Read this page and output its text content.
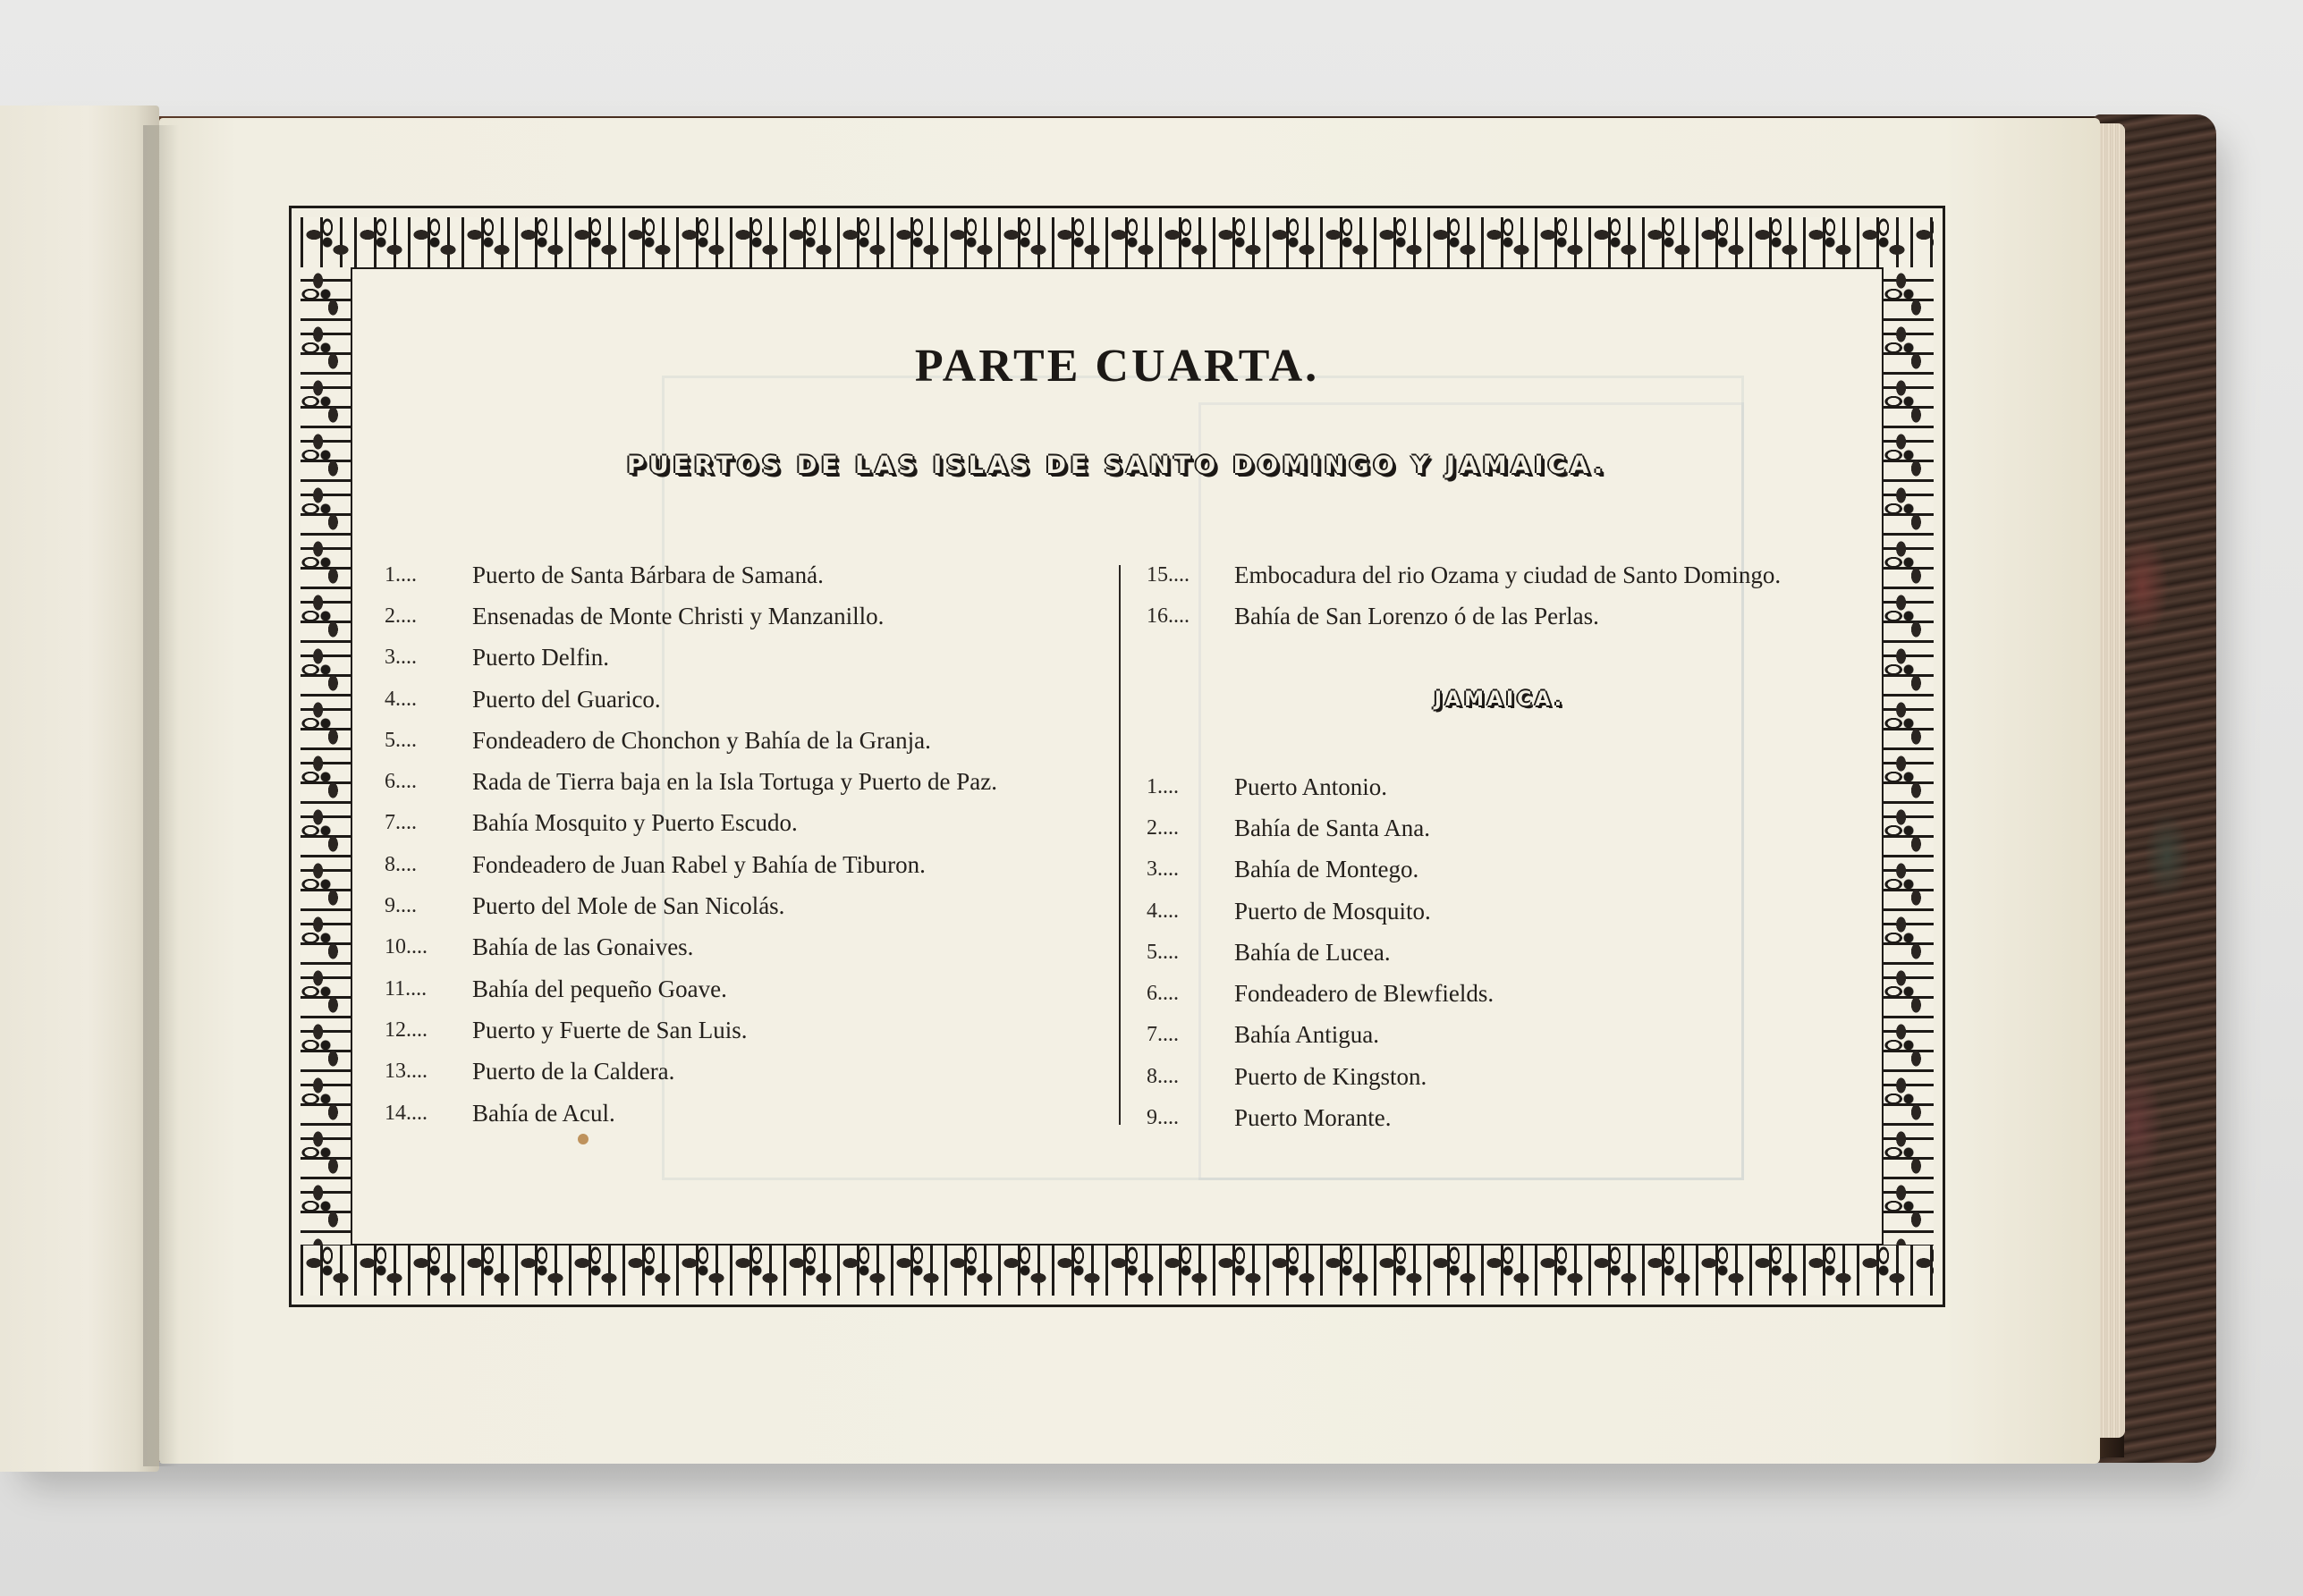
PARTE CUARTA.
PUERTOS DE LAS ISLAS DE SANTO DOMINGO Y JAMAICA.
1....	Puerto de Santa Bárbara de Samaná.
2....	Ensenadas de Monte Christi y Manzanillo.
3....	Puerto Delfin.
4....	Puerto del Guarico.
5....	Fondeadero de Chonchon y Bahía de la Granja.
6....	Rada de Tierra baja en la Isla Tortuga y Puerto de Paz.
7....	Bahía Mosquito y Puerto Escudo.
8....	Fondeadero de Juan Rabel y Bahía de Tiburon.
9....	Puerto del Mole de San Nicolás.
10....	Bahía de las Gonaives.
11....	Bahía del pequeño Goave.
12....	Puerto y Fuerte de San Luis.
13....	Puerto de la Caldera.
14....	Bahía de Acul.
15....	Embocadura del rio Ozama y ciudad de Santo Domingo.
16....	Bahía de San Lorenzo ó de las Perlas.
JAMAICA.
1....	Puerto Antonio.
2....	Bahía de Santa Ana.
3....	Bahía de Montego.
4....	Puerto de Mosquito.
5....	Bahía de Lucea.
6....	Fondeadero de Blewfields.
7....	Bahía Antigua.
8....	Puerto de Kingston.
9....	Puerto Morante.
